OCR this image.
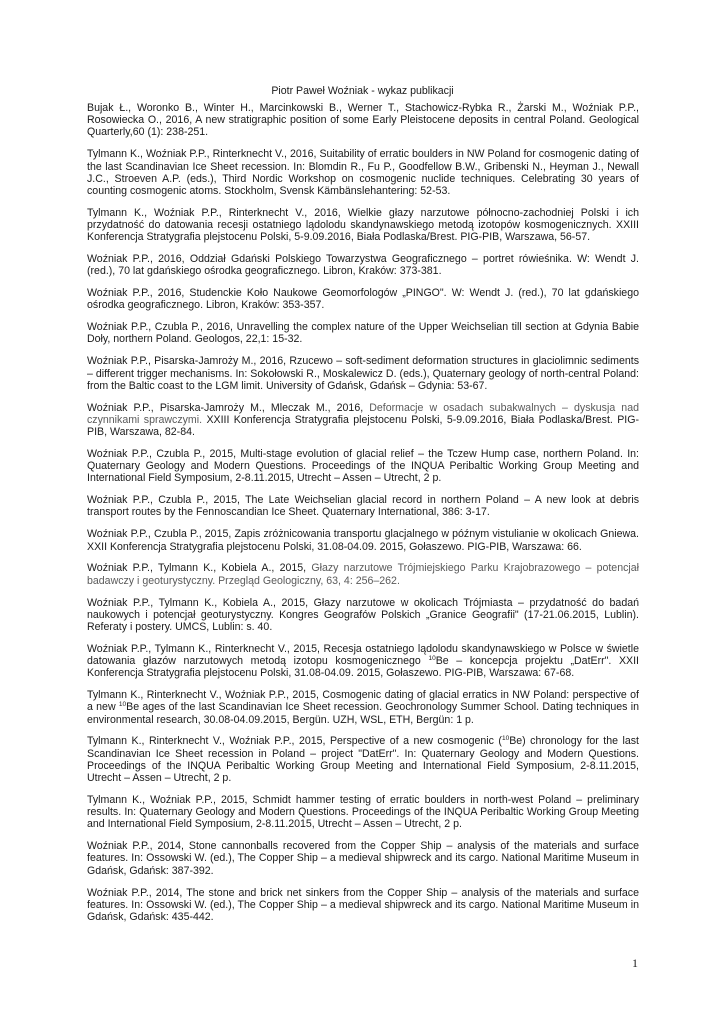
Piotr Paweł Woźniak - wykaz publikacji

Bujak Ł., Woronko B., Winter H., Marcinkowski B., Werner T., Stachowicz-Rybka R., Żarski M., Woźniak P.P., Rosowiecka O., 2016, A new stratigraphic position of some Early Pleistocene deposits in central Poland. Geological Quarterly,60 (1): 238-251.

Tylmann K., Woźniak P.P., Rinterknecht V., 2016, Suitability of erratic boulders in NW Poland for cosmogenic dating of the last Scandinavian Ice Sheet recession. In: Blomdin R., Fu P., Goodfellow B.W., Gribenski N., Heyman J., Newall J.C., Stroeven A.P. (eds.), Third Nordic Workshop on cosmogenic nuclide techniques. Celebrating 30 years of counting cosmogenic atoms. Stockholm, Svensk Kämbänslehantering: 52-53.

Tylmann K., Woźniak P.P., Rinterknecht V., 2016, Wielkie głazy narzutowe północno-zachodniej Polski i ich przydatność do datowania recesji ostatniego lądolodu skandynawskiego metodą izotopów kosmogenicznych. XXIII Konferencja Stratygrafia plejstocenu Polski, 5-9.09.2016, Biała Podlaska/Brest. PIG-PIB, Warszawa, 56-57.

Woźniak P.P., 2016, Oddział Gdański Polskiego Towarzystwa Geograficznego – portret rówieśnika. W: Wendt J. (red.), 70 lat gdańskiego ośrodka geograficznego. Libron, Kraków: 373-381.

Woźniak P.P., 2016, Studenckie Koło Naukowe Geomorfologów „PINGO". W: Wendt J. (red.), 70 lat gdańskiego ośrodka geograficznego. Libron, Kraków: 353-357.

Woźniak P.P., Czubla P., 2016, Unravelling the complex nature of the Upper Weichselian till section at Gdynia Babie Doły, northern Poland. Geologos, 22,1: 15-32.

Woźniak P.P., Pisarska-Jamroży M., 2016, Rzucewo – soft-sediment deformation structures in glaciolimnic sediments – different trigger mechanisms. In: Sokołowski R., Moskalewicz D. (eds.), Quaternary geology of north-central Poland: from the Baltic coast to the LGM limit. University of Gdańsk, Gdańsk – Gdynia: 53-67.

Woźniak P.P., Pisarska-Jamroży M., Mleczak M., 2016, Deformacje w osadach subakwalnych – dyskusja nad czynnikami sprawczymi. XXIII Konferencja Stratygrafia plejstocenu Polski, 5-9.09.2016, Biała Podlaska/Brest. PIG-PIB, Warszawa, 82-84.

Woźniak P.P., Czubla P., 2015, Multi-stage evolution of glacial relief – the Tczew Hump case, northern Poland. In: Quaternary Geology and Modern Questions. Proceedings of the INQUA Peribaltic Working Group Meeting and International Field Symposium, 2-8.11.2015, Utrecht – Assen – Utrecht, 2 p.

Woźniak P.P., Czubla P., 2015, The Late Weichselian glacial record in northern Poland – A new look at debris transport routes by the Fennoscandian Ice Sheet. Quaternary International, 386: 3-17.

Woźniak P.P., Czubla P., 2015, Zapis zróżnicowania transportu glacjalnego w późnym vistulianie w okolicach Gniewa. XXII Konferencja Stratygrafia plejstocenu Polski, 31.08-04.09. 2015, Gołaszewo. PIG-PIB, Warszawa: 66.

Woźniak P.P., Tylmann K., Kobiela A., 2015, Głazy narzutowe Trójmiejskiego Parku Krajobrazowego – potencjał badawczy i geoturystyczny. Przegląd Geologiczny, 63, 4: 256–262.

Woźniak P.P., Tylmann K., Kobiela A., 2015, Głazy narzutowe w okolicach Trójmiasta – przydatność do badań naukowych i potencjał geoturystyczny. Kongres Geografów Polskich „Granice Geografii" (17-21.06.2015, Lublin). Referaty i postery. UMCS, Lublin: s. 40.

Woźniak P.P., Tylmann K., Rinterknecht V., 2015, Recesja ostatniego lądolodu skandynawskiego w Polsce w świetle datowania głazów narzutowych metodą izotopu kosmogenicznego $^{10}$Be – koncepcja projektu „DatErr". XXII Konferencja Stratygrafia plejstocenu Polski, 31.08-04.09. 2015, Gołaszewo. PIG-PIB, Warszawa: 67-68.

Tylmann K., Rinterknecht V., Woźniak P.P., 2015, Cosmogenic dating of glacial erratics in NW Poland: perspective of a new $^{10}$Be ages of the last Scandinavian Ice Sheet recession. Geochronology Summer School. Dating techniques in environmental research, 30.08-04.09.2015, Bergün. UZH, WSL, ETH, Bergün: 1 p.

Tylmann K., Rinterknecht V., Woźniak P.P., 2015, Perspective of a new cosmogenic ($^{10}$Be) chronology for the last Scandinavian Ice Sheet recession in Poland – project "DatErr". In: Quaternary Geology and Modern Questions. Proceedings of the INQUA Peribaltic Working Group Meeting and International Field Symposium, 2-8.11.2015, Utrecht – Assen – Utrecht, 2 p.

Tylmann K., Woźniak P.P., 2015, Schmidt hammer testing of erratic boulders in north-west Poland – preliminary results. In: Quaternary Geology and Modern Questions. Proceedings of the INQUA Peribaltic Working Group Meeting and International Field Symposium, 2-8.11.2015, Utrecht – Assen – Utrecht, 2 p.

Woźniak P.P., 2014, Stone cannonballs recovered from the Copper Ship – analysis of the materials and surface features. In: Ossowski W. (ed.), The Copper Ship – a medieval shipwreck and its cargo. National Maritime Museum in Gdańsk, Gdańsk: 387-392.

Woźniak P.P., 2014, The stone and brick net sinkers from the Copper Ship – analysis of the materials and surface features. In: Ossowski W. (ed.), The Copper Ship – a medieval shipwreck and its cargo. National Maritime Museum in Gdańsk, Gdańsk: 435-442.

1
